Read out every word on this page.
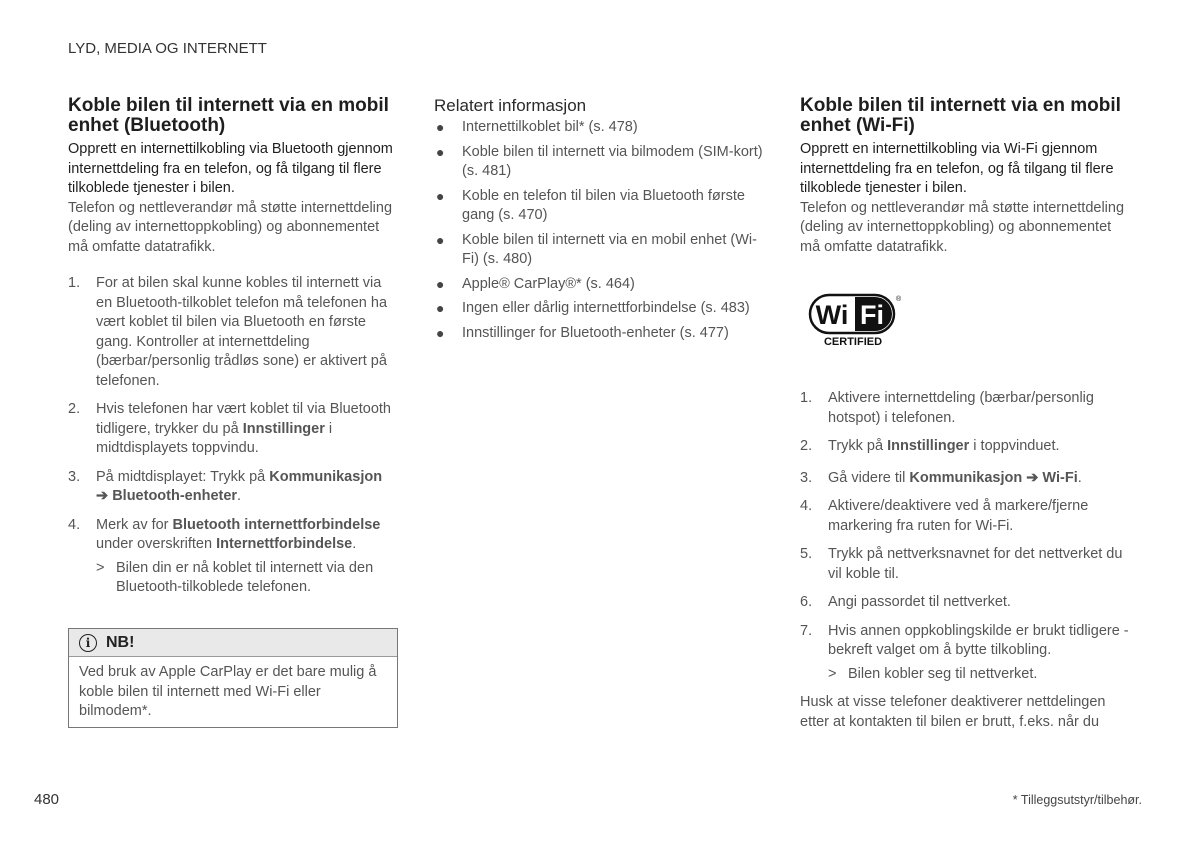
LYD, MEDIA OG INTERNETT
Koble bilen til internett via en mobil enhet (Bluetooth)

Opprett en internettilkobling via Bluetooth gjennom internettdeling fra en telefon, og få tilgang til flere tilkoblede tjenester i bilen.

Telefon og nettleverandør må støtte internettdeling (deling av internettoppkobling) og abonnementet må omfatte datatrafikk.

1. For at bilen skal kunne kobles til internett via en Bluetooth-tilkoblet telefon må telefonen ha vært koblet til bilen via Bluetooth en første gang. Kontroller at internettdeling (bærbar/personlig trådløs sone) er aktivert på telefonen.
2. Hvis telefonen har vært koblet til via Bluetooth tidligere, trykker du på Innstillinger i midtdisplayets toppvindu.
3. På midtdisplayet: Trykk på Kommunikasjon
➔ Bluetooth-enheter.
4. Merk av for Bluetooth internettforbindelse under overskriften Internettforbindelse.
> Bilen din er nå koblet til internett via den Bluetooth-tilkoblede telefonen.
i NB!
Ved bruk av Apple CarPlay er det bare mulig å koble bilen til internett med Wi-Fi eller bilmodem*.
Relatert informasjon
● Internettilkoblet bil* (s. 478)
● Koble bilen til internett via bilmodem (SIM-kort) (s. 481)
● Koble en telefon til bilen via Bluetooth første gang (s. 470)
● Koble bilen til internett via en mobil enhet (Wi-Fi) (s. 480)
● Apple® CarPlay®* (s. 464)
● Ingen eller dårlig internettforbindelse (s. 483)
● Innstillinger for Bluetooth-enheter (s. 477)
Koble bilen til internett via en mobil enhet (Wi-Fi)

Opprett en internettilkobling via Wi-Fi gjennom internettdeling fra en telefon, og få tilgang til flere tilkoblede tjenester i bilen.

Telefon og nettleverandør må støtte internettdeling (deling av internettoppkobling) og abonnementet må omfatte datatrafikk.

Wi Fi
®
CERTIFIED
1. Aktivere internettdeling (bærbar/personlig hotspot) i telefonen.
2. Trykk på Innstillinger i toppvinduet.
3. Gå videre til Kommunikasjon ➔ Wi-Fi.
4. Aktivere/deaktivere ved å markere/fjerne markering fra ruten for Wi-Fi.
5. Trykk på nettverksnavnet for det nettverket du vil koble til.
6. Angi passordet til nettverket.
7. Hvis annen oppkoblingskilde er brukt tidligere - bekreft valget om å bytte tilkobling.
> Bilen kobler seg til nettverket.

Husk at visse telefoner deaktiverer nettdelingen etter at kontakten til bilen er brutt, f.eks. når du

480	* Tilleggsutstyr/tilbehør.
